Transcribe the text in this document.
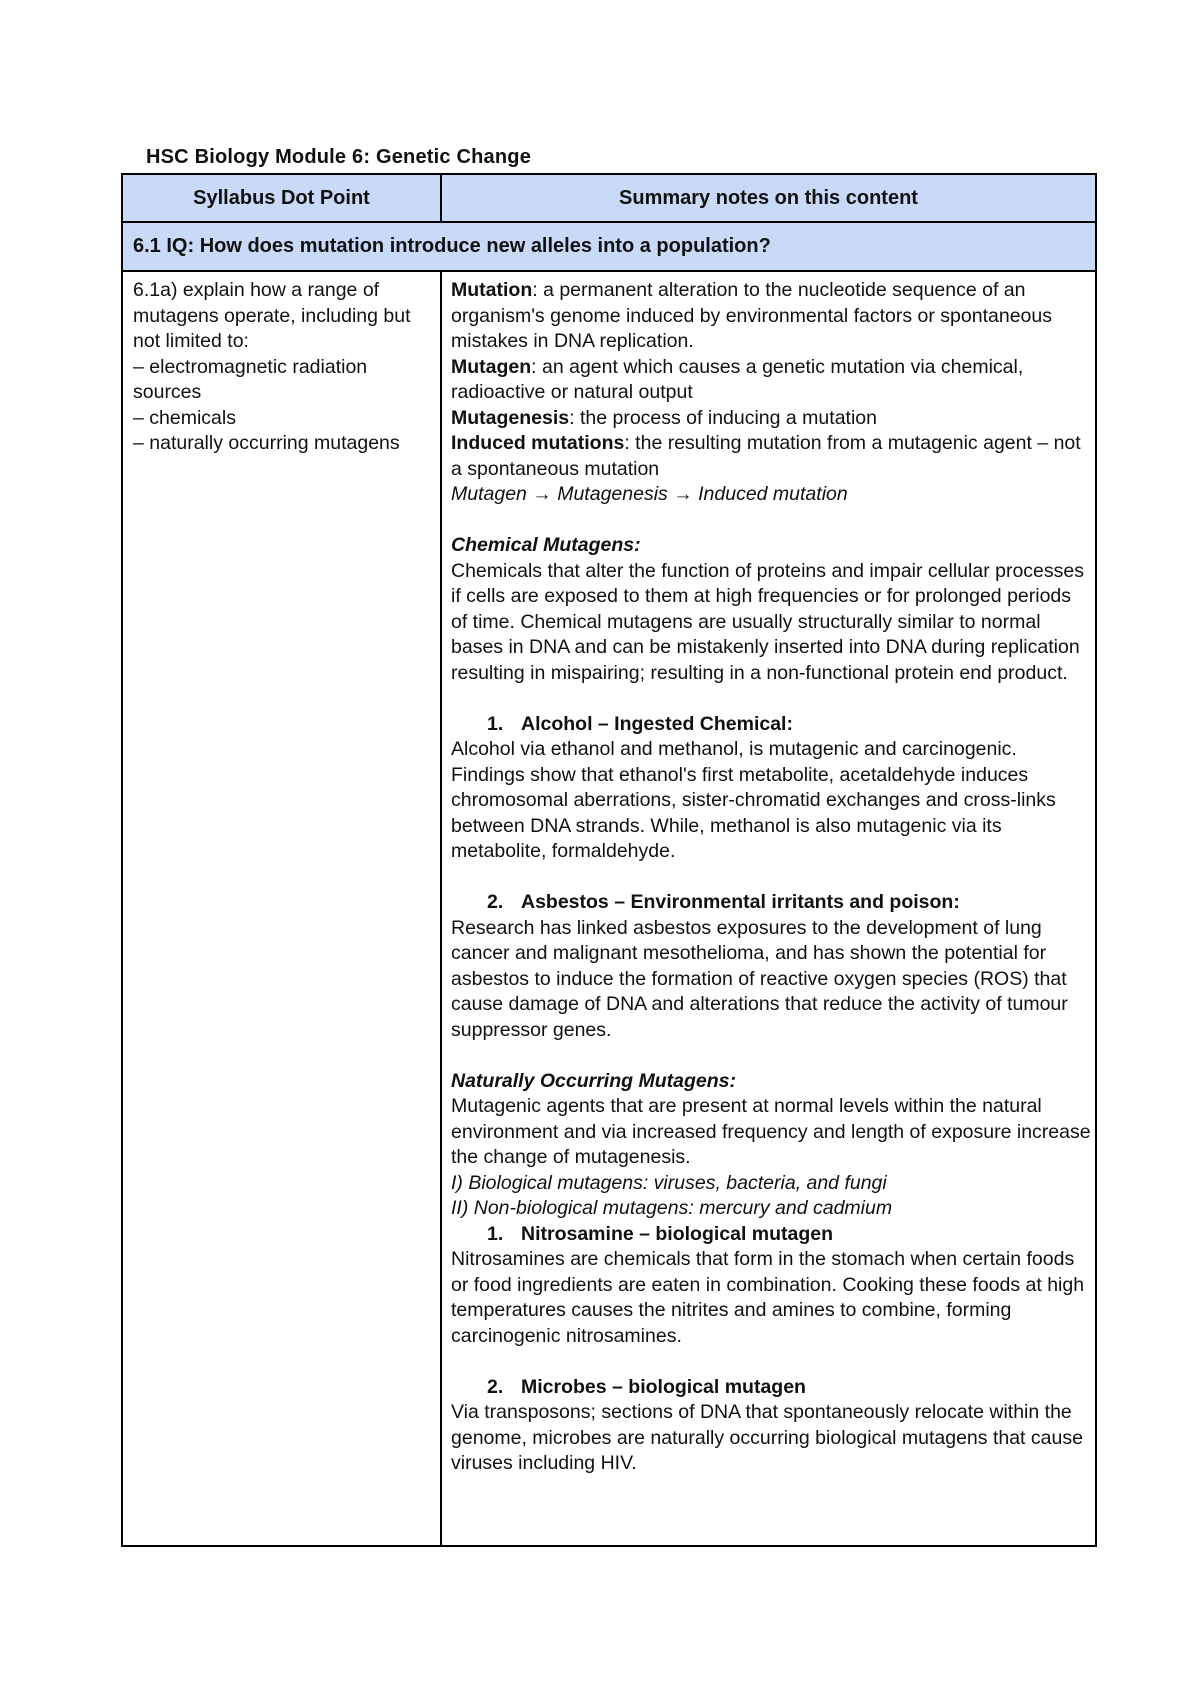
HSC Biology Module 6: Genetic Change
Syllabus Dot Point	Summary notes on this content
6.1 IQ: How does mutation introduce new alleles into a population?
6.1a) explain how a range of mutagens operate, including but not limited to:
– electromagnetic radiation sources
– chemicals
– naturally occurring mutagens

Mutation: a permanent alteration to the nucleotide sequence of an organism's genome induced by environmental factors or spontaneous mistakes in DNA replication.

Mutagen: an agent which causes a genetic mutation via chemical, radioactive or natural output

Mutagenesis: the process of inducing a mutation

Induced mutations: the resulting mutation from a mutagenic agent – not a spontaneous mutation

Mutagen → Mutagenesis → Induced mutation

Chemical Mutagens:

Chemicals that alter the function of proteins and impair cellular processes if cells are exposed to them at high frequencies or for prolonged periods of time. Chemical mutagens are usually structurally similar to normal bases in DNA and can be mistakenly inserted into DNA during replication resulting in mispairing; resulting in a non-functional protein end product.

1. Alcohol – Ingested Chemical:

Alcohol via ethanol and methanol, is mutagenic and carcinogenic. Findings show that ethanol's first metabolite, acetaldehyde induces chromosomal aberrations, sister-chromatid exchanges and cross-links between DNA strands. While, methanol is also mutagenic via its metabolite, formaldehyde.

2. Asbestos – Environmental irritants and poison:

Research has linked asbestos exposures to the development of lung cancer and malignant mesothelioma, and has shown the potential for asbestos to induce the formation of reactive oxygen species (ROS) that cause damage of DNA and alterations that reduce the activity of tumour suppressor genes.

Naturally Occurring Mutagens:

Mutagenic agents that are present at normal levels within the natural environment and via increased frequency and length of exposure increase the change of mutagenesis.

I) Biological mutagens: viruses, bacteria, and fungi

II) Non-biological mutagens: mercury and cadmium

1. Nitrosamine – biological mutagen

Nitrosamines are chemicals that form in the stomach when certain foods or food ingredients are eaten in combination. Cooking these foods at high temperatures causes the nitrites and amines to combine, forming carcinogenic nitrosamines.

2. Microbes – biological mutagen

Via transposons; sections of DNA that spontaneously relocate within the genome, microbes are naturally occurring biological mutagens that cause viruses including HIV.
